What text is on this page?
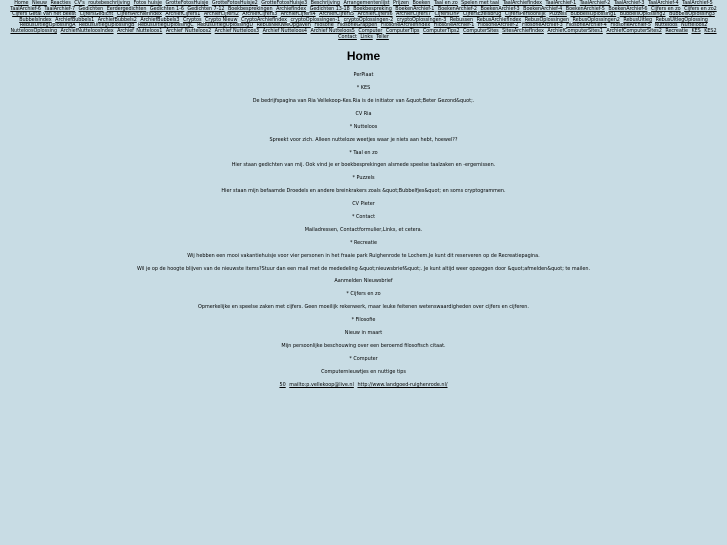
Home Nieuw Reacties CV's routebeschrijving Fotos huisje GrotteFotosHuisje GrotteFotosHuisje2 GrotteFotosHuisje3 Beschrijving Arrangementenlijst Prijzen Boeken Taal en zo Spelen met taal TaalArchiefIndex TaalArchief-1 TaalArchief-2 TaalArchief-3 TaalArchief-4 TaalArchief-5 TaalArchief-6 TaalArchief-7 Gedichten Eerdergedichten Gedichten 1-6 Gedichten 7-12 Boekbesprekingen ArchiefIndex Gedichten 13-18 Boekbespreking BoekenArchief-1 BoekenArchief-2 BoekenArchief-3 BoekenArchief-4 BoekenArchief-5 BoekenArchief-6 Cijfers en zo Cijfers en zo2 Cijfers Getal van het beest CijfersGedicht CijfersArchiefIndex ArchiefCijfers1 ArchiefCijfers2 ArchiefCijfers3 ArchiefCijfers4 ArchiefCijfers5 ArchiefCijfers6 ArchiefCijfers7 CijfersOnP CijfersEzelsbrug CijfersPersoonlijk Puzzels BubbelsOplossing1 BubbelsOplossing2 BubbelsOplossing3 BubbelsIndex ArchiefBubbels1 ArchiefBubbels2 ArchiefBubbels3 Cryptos Crypto Nieuw CryptoArchiefIndex cryptoOplossingen-1 cryptoOplossingen-2 cryptoOplossingen-3 Rebussen RebusArchiefIndex RebusOplossingen RebusOplossingen2 RebusUitleg RebusUitlegOplossing RebusUitlegOplossingA RebusUitlegOplossingB RebusUitlegOplossingC RebusUitlegOplossingD RebusNieuweOpgaven Filosofie FilosofieGrappen FilosofieArchiefIndex FilosofieArchief-1 FilosofieArchief-2 FilosofieArchief-3 FilosofieArchief-4 FilosofieArchief-5 Nutteloos Nutteloos2 NutteloosOplossing ArchiefNutteloosIndex Archief_Nutteloos1 Archief_Nutteloos2 Archief Nutteloos3 Archief Nutteloos4 Archief Nutteloos5 Computer ComputerTips ComputerTips2 ComputerSites SitesArchiefIndex ArchiefComputerSites1 ArchiefComputerSites2 Recreatie KES KES2 Contact Links Teller
Home

PerPiaat

* KES

De bedrijfspagina van Ria Vellekoop-Kes.Ria is de initiator van &quot;Beter Gezond&quot;.

CV Ria

* Nutteloos

Spreekt voor zich. Alleen nutteloze weetjes waar je niets aan hebt, hoewel??

* Taal en zo

Hier staan gedichten van mij. Ook vind je er boekbesprekingen alsmede speelse taalzaken en -ergernissen.

* Puzzels

Hier staan mijn befaamde Droedels en andere breinkrakers zoals &quot;Bubbelfjes&quot; en soms cryptogrammen.

CV Pieter

* Contact

Mailadressen, Contactformulier,Links, et cetera.

* Recreatie

Wij hebben een mooi vakantiehuisje voor vier personen in het fraaie park Ruighenrode te Lochem.Je kunt dit reserveren op de Recreatiepagina.

Wil je op de hoogte blijven van de nieuwste items?Stuur dan een mail met de mededeling &quot;nieuwsbrief&quot;. Je kunt altijd weer opzeggen door &quot;afmelden&quot; te mailen.

Aanmelden Nieuwsbrief

* Cijfers en zo

Opmerkelijke en speelse zaken met cijfers. Geen moeilijk rekenwerk, maar leuke feitenen wetenswaardigheden over cijfers en cijferen.

* Filosofie

Nieuw in maart

Mijn persoonlijke beschouwing over een beroemd filosofisch citaat.

* Computer

Computernieuwtjes en nuttige tips

50 mailto:p.vellekoop@live.nl http://www.landgoed-ruighenrode.nl/
